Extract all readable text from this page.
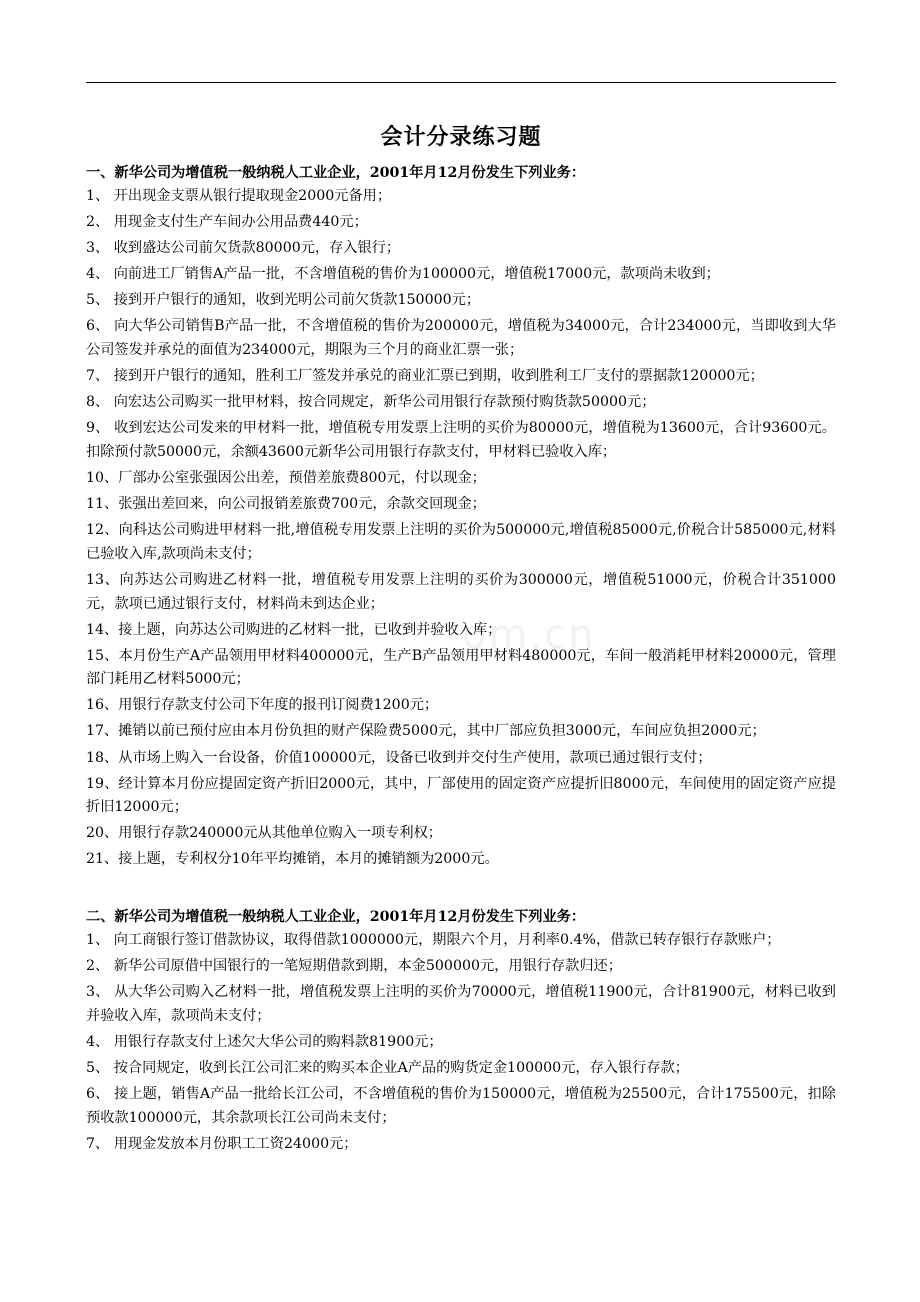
会计分录练习题
一、新华公司为增值税一般纳税人工业企业，2001年月12月份发生下列业务：
1、 开出现金支票从银行提取现金2000元备用；
2、 用现金支付生产车间办公用品费440元；
3、 收到盛达公司前欠货款80000元，存入银行；
4、 向前进工厂销售A产品一批，不含增值税的售价为100000元，增值税17000元，款项尚未收到；
5、 接到开户银行的通知，收到光明公司前欠货款150000元；
6、 向大华公司销售B产品一批，不含增值税的售价为200000元，增值税为34000元，合计234000元，当即收到大华公司签发并承兑的面值为234000元，期限为三个月的商业汇票一张；
7、 接到开户银行的通知，胜利工厂签发并承兑的商业汇票已到期，收到胜利工厂支付的票据款120000元；
8、 向宏达公司购买一批甲材料，按合同规定，新华公司用银行存款预付购货款50000元；
9、 收到宏达公司发来的甲材料一批，增值税专用发票上注明的买价为80000元，增值税为13600元，合计93600元。扣除预付款50000元，余额43600元新华公司用银行存款支付，甲材料已验收入库；
10、厂部办公室张强因公出差，预借差旅费800元，付以现金；
11、张强出差回来，向公司报销差旅费700元，余款交回现金；
12、向科达公司购进甲材料一批,增值税专用发票上注明的买价为500000元,增值税85000元,价税合计585000元,材料已验收入库,款项尚未支付；
13、向苏达公司购进乙材料一批，增值税专用发票上注明的买价为300000元，增值税51000元，价税合计351000元，款项已通过银行支付，材料尚未到达企业；
14、接上题，向苏达公司购进的乙材料一批，已收到并验收入库；
15、本月份生产A产品领用甲材料400000元，生产B产品领用甲材料480000元，车间一般消耗甲材料20000元，管理部门耗用乙材料5000元；
16、用银行存款支付公司下年度的报刊订阅费1200元；
17、摊销以前已预付应由本月份负担的财产保险费5000元，其中厂部应负担3000元，车间应负担2000元；
18、从市场上购入一台设备，价值100000元，设备已收到并交付生产使用，款项已通过银行支付；
19、经计算本月份应提固定资产折旧2000元，其中，厂部使用的固定资产应提折旧8000元，车间使用的固定资产应提折旧12000元；
20、用银行存款240000元从其他单位购入一项专利权；
21、接上题，专利权分10年平均摊销，本月的摊销额为2000元。
二、新华公司为增值税一般纳税人工业企业，2001年月12月份发生下列业务：
1、 向工商银行签订借款协议，取得借款1000000元，期限六个月，月利率0.4%，借款已转存银行存款账户；
2、 新华公司原借中国银行的一笔短期借款到期，本金500000元，用银行存款归还；
3、 从大华公司购入乙材料一批，增值税发票上注明的买价为70000元，增值税11900元，合计81900元，材料已收到并验收入库，款项尚未支付；
4、 用银行存款支付上述欠大华公司的购料款81900元；
5、 按合同规定，收到长江公司汇来的购买本企业A产品的购货定金100000元，存入银行存款；
6、 接上题，销售A产品一批给长江公司，不含增值税的售价为150000元，增值税为25500元，合计175500元，扣除预收款100000元，其余款项长江公司尚未支付；
7、 用现金发放本月份职工工资24000元；
om.cn
